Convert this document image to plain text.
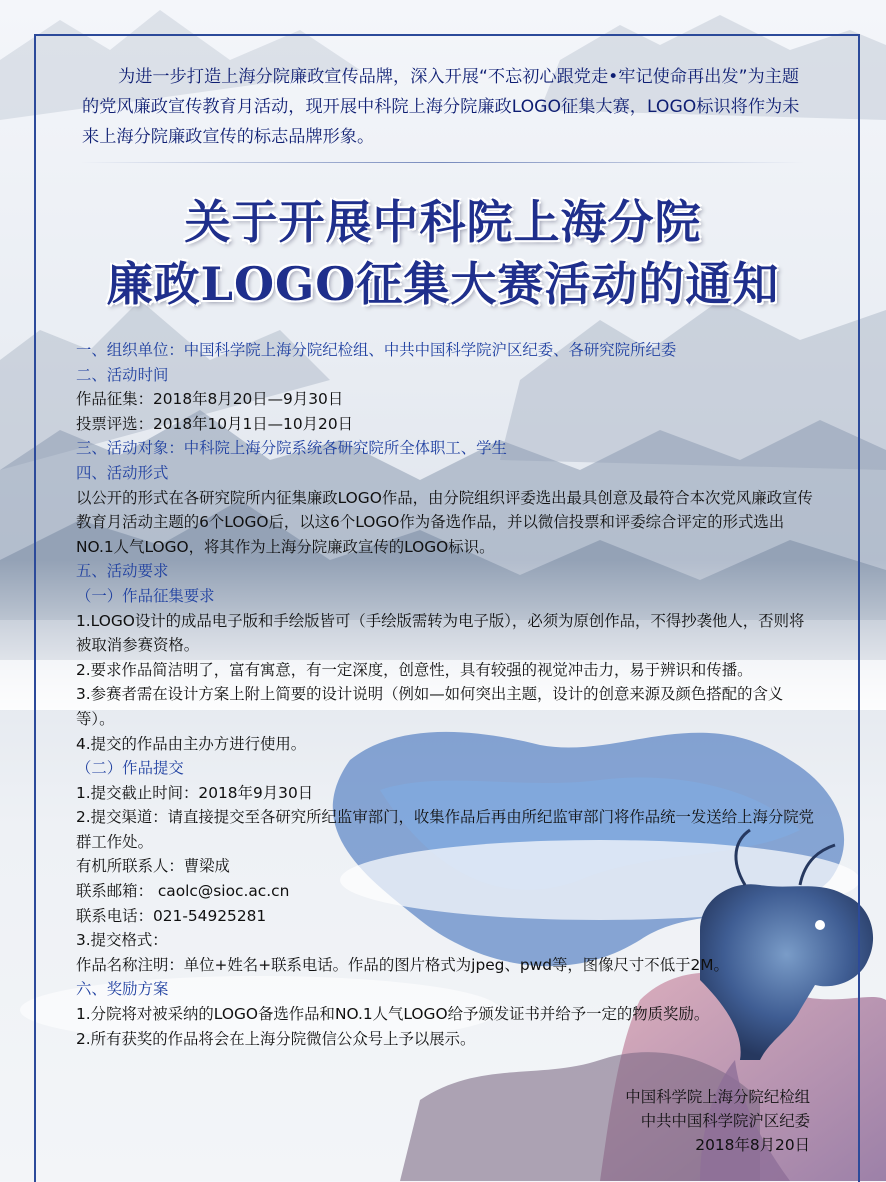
为进一步打造上海分院廉政宣传品牌，深入开展“不忘初心跟党走•牢记使命再出发”为主题的党风廉政宣传教育月活动，现开展中科院上海分院廉政LOGO征集大赛，LOGO标识将作为未来上海分院廉政宣传的标志品牌形象。

关于开展中科院上海分院
廉政LOGO征集大赛活动的通知

一、组织单位：中国科学院上海分院纪检组、中共中国科学院沪区纪委、各研究院所纪委

二、活动时间

作品征集：2018年8月20日—9月30日

投票评选：2018年10月1日—10月20日

三、活动对象：中科院上海分院系统各研究院所全体职工、学生

四、活动形式

以公开的形式在各研究院所内征集廉政LOGO作品，由分院组织评委选出最具创意及最符合本次党风廉政宣传教育月活动主题的6个LOGO后，以这6个LOGO作为备选作品，并以微信投票和评委综合评定的形式选出NO.1人气LOGO，将其作为上海分院廉政宣传的LOGO标识。

五、活动要求

（一）作品征集要求

1.LOGO设计的成品电子版和手绘版皆可（手绘版需转为电子版），必须为原创作品，不得抄袭他人，否则将被取消参赛资格。

2.要求作品简洁明了，富有寓意，有一定深度，创意性，具有较强的视觉冲击力，易于辨识和传播。

3.参赛者需在设计方案上附上简要的设计说明（例如—如何突出主题，设计的创意来源及颜色搭配的含义等）。

4.提交的作品由主办方进行使用。

（二）作品提交

1.提交截止时间：2018年9月30日

2.提交渠道：请直接提交至各研究所纪监审部门，收集作品后再由所纪监审部门将作品统一发送给上海分院党群工作处。

有机所联系人：曹梁成

联系邮箱： caolc@sioc.ac.cn

联系电话：021-54925281

3.提交格式：

作品名称注明：单位+姓名+联系电话。作品的图片格式为jpeg、pwd等，图像尺寸不低于2M。

六、奖励方案

1.分院将对被采纳的LOGO备选作品和NO.1人气LOGO给予颁发证书并给予一定的物质奖励。

2.所有获奖的作品将会在上海分院微信公众号上予以展示。

中国科学院上海分院纪检组

中共中国科学院沪区纪委

2018年8月20日
